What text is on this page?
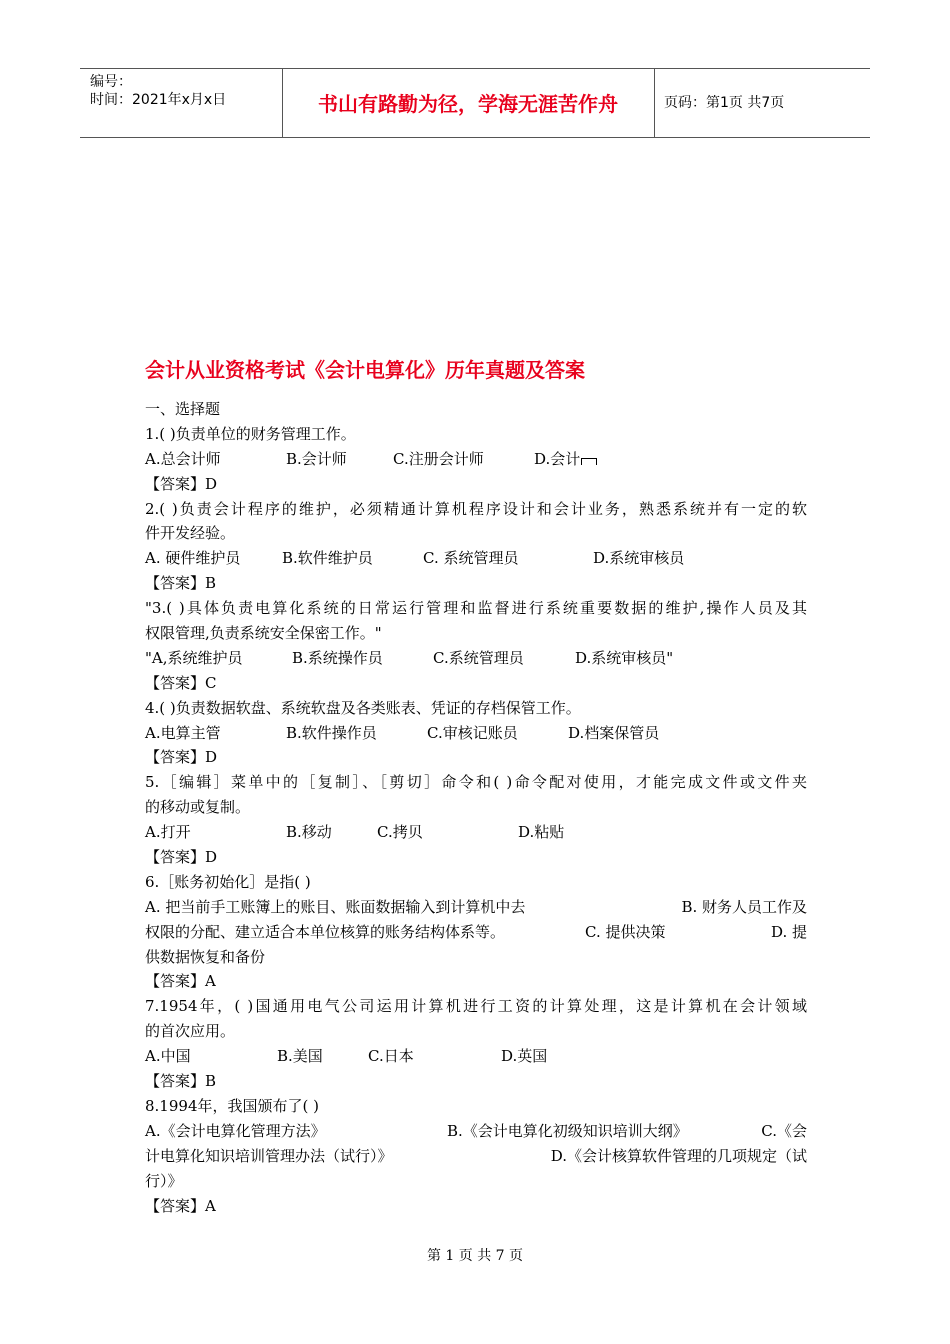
编号：
时间：2021年x月x日	书山有路勤为径，学海无涯苦作舟	页码：第1页 共7页
会计从业资格考试《会计电算化》历年真题及答案
一、选择题
1.( )负责单位的财务管理工作。
A.总会计师	B.会计师	C.注册会计师	D.会计
【答案】D
2.( )负责会计程序的维护，必须精通计算机程序设计和会计业务，熟悉系统并有一定的软
件开发经验。
A. 硬件维护员	B.软件维护员	C. 系统管理员	D.系统审核员
【答案】B
"3.( )具体负责电算化系统的日常运行管理和监督进行系统重要数据的维护,操作人员及其
权限管理,负责系统安全保密工作。"
"A,系统维护员	B.系统操作员	C.系统管理员	D.系统审核员"
【答案】C
4.( )负责数据软盘、系统软盘及各类账表、凭证的存档保管工作。
A.电算主管	B.软件操作员	C.审核记账员	D.档案保管员
【答案】D
5.［编辑］菜单中的［复制］、［剪切］命令和( )命令配对使用，才能完成文件或文件夹
的移动或复制。
A.打开	B.移动	C.拷贝	D.粘贴
【答案】D
6.［账务初始化］是指( )
A. 把当前手工账簿上的账目、账面数据输入到计算机中去	B. 财务人员工作及
权限的分配、建立适合本单位核算的账务结构体系等。	C. 提供决策	D. 提
供数据恢复和备份
【答案】A
7.1954年，( )国通用电气公司运用计算机进行工资的计算处理，这是计算机在会计领域
的首次应用。
A.中国	B.美国	C.日本	D.英国
【答案】B
8.1994年，我国颁布了( )
A.《会计电算化管理方法》	B.《会计电算化初级知识培训大纲》	C.《会
计电算化知识培训管理办法（试行）》	D.《会计核算软件管理的几项规定（试
行）》
【答案】A
第 1 页 共 7 页
